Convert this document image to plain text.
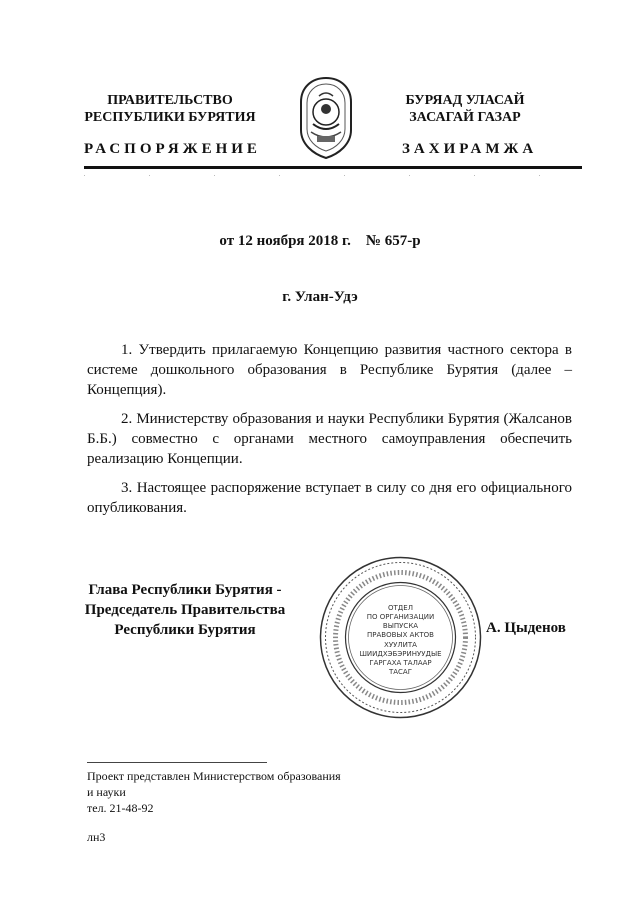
ПРАВИТЕЛЬСТВО
РЕСПУБЛИКИ БУРЯТИЯ
БУРЯАД УЛАСАЙ
ЗАСАГАЙ ГАЗАР
РАСПОРЯЖЕНИЕ	ЗАХИРАМЖА
от 12 ноября 2018 г. № 657-р
г. Улан-Удэ
1. Утвердить прилагаемую Концепцию развития частного сектора в системе дошкольного образования в Республике Бурятия (далее – Концепция).
2. Министерству образования и науки Республики Бурятия (Жалсанов Б.Б.) совместно с органами местного самоуправления обеспечить реализацию Концепции.
3. Настоящее распоряжение вступает в силу со дня его официального опубликования.
Глава Республики Бурятия -
Председатель Правительства
Республики Бурятия
ОТДЕЛ
ПО ОРГАНИЗАЦИИ
ВЫПУСКА
ПРАВОВЫХ АКТОВ
ХУУЛИТА
ШИИДХЭБЭРИНУУДЫЕ
ГАРГАХА ТАЛААР
ТАСАГ
А. Цыденов
Проект представлен Министерством образования
и науки
тел. 21-48-92
лн3
